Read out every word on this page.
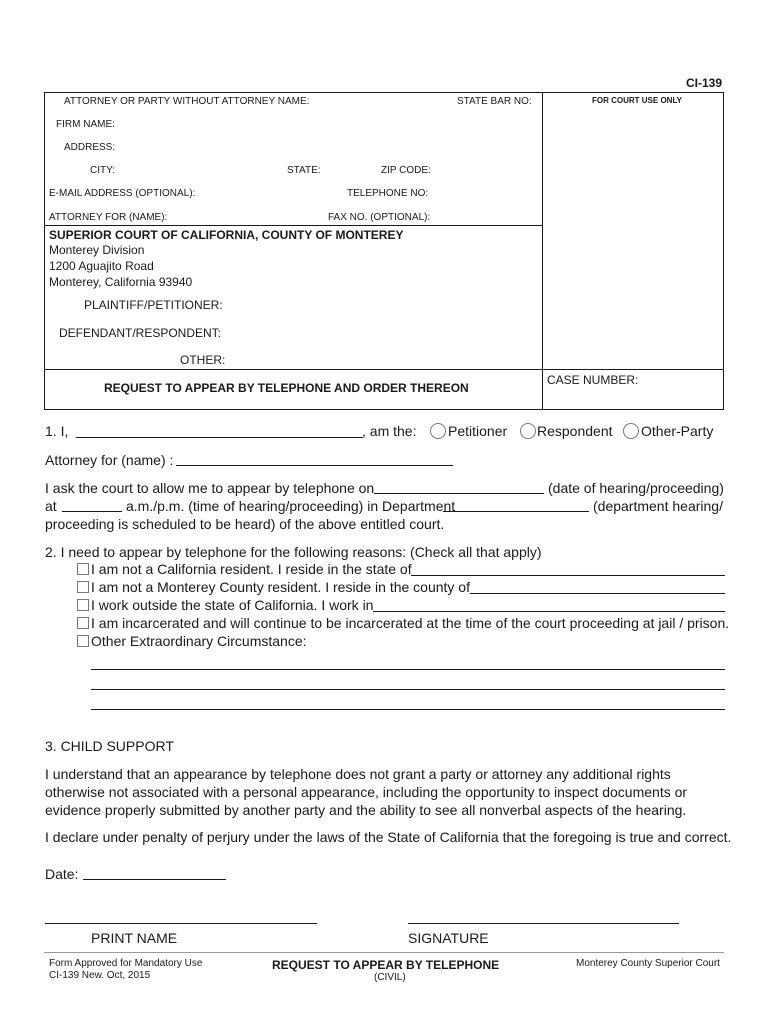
CI-139
ATTORNEY OR PARTY WITHOUT ATTORNEY NAME:	STATE BAR NO:	FOR COURT USE ONLY
FIRM NAME:
ADDRESS:
CITY:	STATE:	ZIP CODE:
E-MAIL ADDRESS (OPTIONAL):	TELEPHONE NO:
ATTORNEY FOR (NAME):	FAX NO. (OPTIONAL):
SUPERIOR COURT OF CALIFORNIA, COUNTY OF MONTEREY
Monterey Division
1200 Aguajito Road
Monterey, California 93940
PLAINTIFF/PETITIONER:
DEFENDANT/RESPONDENT:
OTHER:
REQUEST TO APPEAR BY TELEPHONE AND ORDER THEREON
CASE NUMBER:
1. I,	, am the: Petitioner Respondent Other-Party
Attorney for (name) :
I ask the court to allow me to appear by telephone on	(date of hearing/proceeding)
at	a.m./p.m. (time of hearing/proceeding) in Department	(department hearing/
proceeding is scheduled to be heard) of the above entitled court.
2. I need to appear by telephone for the following reasons: (Check all that apply)
I am not a California resident. I reside in the state of
I am not a Monterey County resident. I reside in the county of
I work outside the state of California. I work in
I am incarcerated and will continue to be incarcerated at the time of the court proceeding at jail / prison.
Other Extraordinary Circumstance:
3. CHILD SUPPORT
I understand that an appearance by telephone does not grant a party or attorney any additional rights
otherwise not associated with a personal appearance, including the opportunity to inspect documents or
evidence properly submitted by another party and the ability to see all nonverbal aspects of the hearing.
I declare under penalty of perjury under the laws of the State of California that the foregoing is true and correct.
Date:
PRINT NAME	SIGNATURE
Form Approved for Mandatory Use
CI-139 New. Oct, 2015
REQUEST TO APPEAR BY TELEPHONE
(CIVIL)
Monterey County Superior Court
